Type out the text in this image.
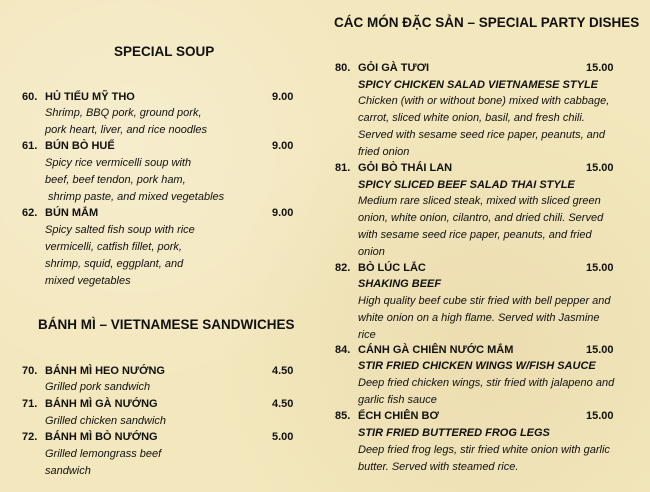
SPECIAL SOUP
60. HỦ TIẾU MỸ THO	9.00
Shrimp, BBQ pork, ground pork,
pork heart, liver, and rice noodles
61. BÚN BÒ HUẾ	9.00
Spicy rice vermicelli soup with
beef, beef tendon, pork ham,
shrimp paste, and mixed vegetables
62. BÚN MẮM	9.00
Spicy salted fish soup with rice
vermicelli, catfish fillet, pork,
shrimp, squid, eggplant, and
mixed vegetables
BÁNH MÌ – VIETNAMESE SANDWICHES
70. BÁNH MÌ HEO NƯỚNG	4.50
Grilled pork sandwich
71. BÁNH MÌ GÀ NƯỚNG	4.50
Grilled chicken sandwich
72. BÁNH MÌ BÒ NƯỚNG	5.00
Grilled lemongrass beef
sandwich
CÁC MÓN ĐẶC SẢN – SPECIAL PARTY DISHES
80. GỎI GÀ TƯƠI	15.00
SPICY CHICKEN SALAD VIETNAMESE STYLE
Chicken (with or without bone) mixed with cabbage,
carrot, sliced white onion, basil, and fresh chili.
Served with sesame seed rice paper, peanuts, and
fried onion
81. GỎI BÒ THÁI LAN	15.00
SPICY SLICED BEEF SALAD THAI STYLE
Medium rare sliced steak, mixed with sliced green
onion, white onion, cilantro, and dried chili. Served
with sesame seed rice paper, peanuts, and fried
onion
82. BÒ LÚC LẮC	15.00
SHAKING BEEF
High quality beef cube stir fried with bell pepper and
white onion on a high flame. Served with Jasmine
rice
84. CÁNH GÀ CHIÊN NƯỚC MẮM	15.00
STIR FRIED CHICKEN WINGS W/FISH SAUCE
Deep fried chicken wings, stir fried with jalapeno and
garlic fish sauce
85. ẾCH CHIÊN BƠ	15.00
STIR FRIED BUTTERED FROG LEGS
Deep fried frog legs, stir fried white onion with garlic
butter. Served with steamed rice.
